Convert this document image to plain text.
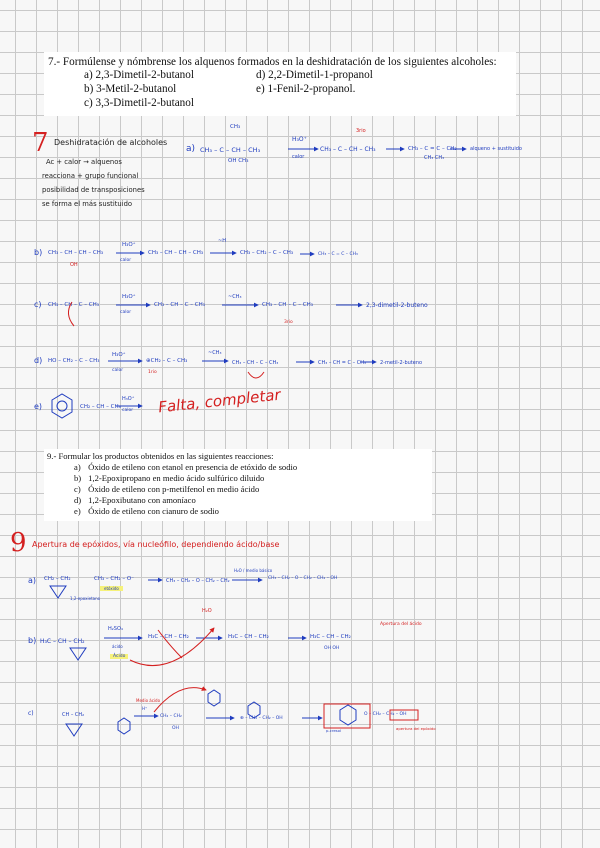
7.- Formúlense y nómbrense los alquenos formados en la deshidratación de los siguientes alcoholes:
a) 2,3-Dimetil-2-butanol
b) 3-Metil-2-butanol
c) 3,3-Dimetil-2-butanol
d) 2,2-Dimetil-1-propanol
e) 1-Fenil-2-propanol.
7 Deshidratación de alcoholes
Ac + calor → alquenos
reacciona + grupo funcional
posibilidad de transposiciones
se forma el más sustituido
a)
CH₃
CH₃ – C – CH – CH₃
OH CH₃
H₃O⁺
calor
3rio
CH₃ – C – CH – CH₃	CH₃ – C = C – CH₃
CH₃ CH₃
alqueno + sustituido
b) CH₃ – CH – CH – CH₃
OH
H₃O⁺
calor
CH₃ – CH – CH – CH₃
~H
CH₃ – CH₂ – C – CH₃	CH₃ – C = C – CH₃
c) CH₃ – CH – C – CH₃
H₃O⁺
calor
CH₃ – CH – C – CH₃
~CH₃
CH₃ – CH – C – CH₃
3rio
2,3-dimetil-2-buteno
d) HO – CH₂ – C – CH₃
H₃O⁺
calor
⊕CH₂ – C – CH₃
1rio
~CH₃
CH₃ – CH – C – CH₃	CH₃ – CH = C – CH₃	2-metil-2-buteno
e)	CH₂ – CH – CH₃
H₃O⁺
calor Falta, completar
9.- Formular los productos obtenidos en las siguientes reacciones:
a) Óxido de etileno con etanol en presencia de etóxido de sodio
b) 1,2-Epoxipropano en medio ácido sulfúrico diluido
c) Óxido de etileno con p-metilfenol en medio ácido
d) 1,2-Epoxibutano con amoníaco
e) Óxido de etileno con cianuro de sodio
9 Apertura de epóxidos, vía nucleófilo, dependiendo ácido/base
a) CH₂ – CH₂
1,2-epoxietano
CH₃ – CH₂ – O⁻
etóxido
CH₃ – CH₂ – O – CH₂ – CH₂
H₂O / medio básico
CH₃ – CH₂ – O – CH₂ – CH₂ – OH
b) H₃C – CH – CH₂
H₂SO₄
ácido
Ácido
H₃C – CH – CH₂
H₂O
H₃C – CH – CH₂	H₃C – CH – CH₂
OH OH
Apertura del ácido
c)	CH – CH₂
Medio ácido
H⁺
CH₂ – CH₂
OH
⊕ – CH₂ – CH₂ – OH
O – CH₂ – CH₂ – OH
p-cresol	apertura del epóxido
